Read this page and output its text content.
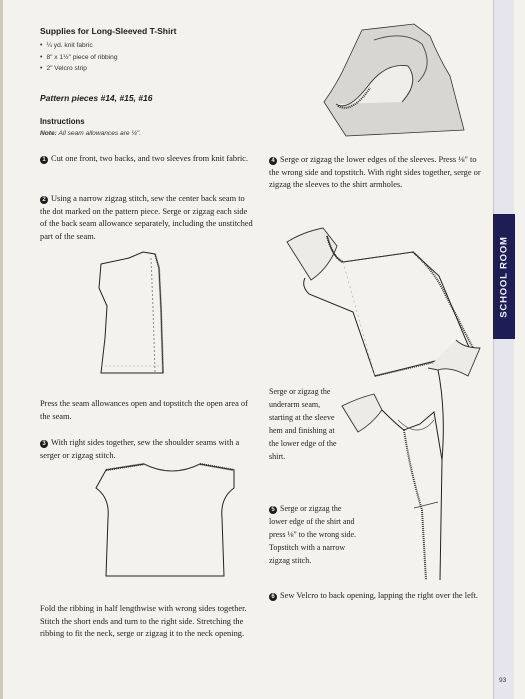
Supplies for Long-Sleeved T-Shirt
• ¼ yd. knit fabric
• 8" x 1½" piece of ribbing
• 2" Velcro strip
Pattern pieces #14, #15, #16
Instructions
Note: All seam allowances are ¼".
1 Cut one front, two backs, and two sleeves from knit fabric.
2 Using a narrow zigzag stitch, sew the center back seam to the dot marked on the pattern piece. Serge or zigzag each side of the back seam allowance separately, including the unstitched part of the seam.
Press the seam allowances open and topstitch the open area of the seam.
3 With right sides together, sew the shoulder seams with a serger or zigzag stitch.
Fold the ribbing in half lengthwise with wrong sides together. Stitch the short ends and turn to the right side. Stretching the ribbing to fit the neck, serge or zigzag it to the neck opening.
4 Serge or zigzag the lower edges of the sleeves. Press ⅛" to the wrong side and topstitch. With right sides together, serge or zigzag the sleeves to the shirt armholes.
Serge or zigzag the underarm seam, starting at the sleeve hem and finishing at the lower edge of the shirt.
5 Serge or zigzag the lower edge of the shirt and press ⅛" to the wrong side. Topstitch with a narrow zigzag stitch.
6 Sew Velcro to back opening, lapping the right over the left.
SCHOOL ROOM
93
